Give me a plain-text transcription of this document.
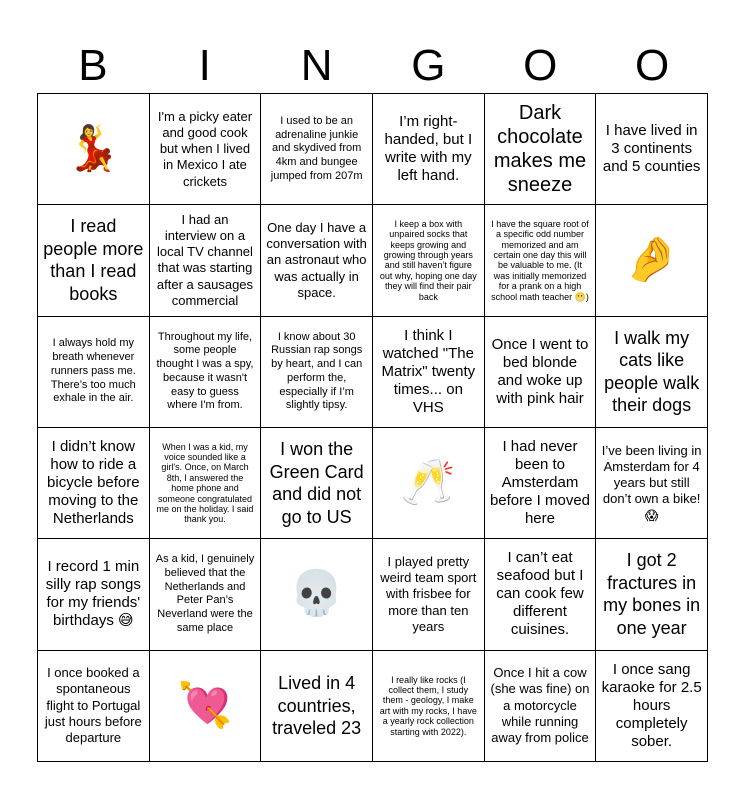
B	I	N	G	O	O
💃
I'm a picky eater and good cook but when I lived in Mexico I ate crickets
I used to be an adrenaline junkie and skydived from 4km and bungee jumped from 207m
I’m right-handed, but I write with my left hand.
Dark chocolate makes me sneeze
I have lived in 3 continents and 5 counties
I read people more than I read books
I had an interview on a local TV channel that was starting after a sausages commercial
One day I have a conversation with an astronaut who was actually in space.
I keep a box with unpaired socks that keeps growing and growing through years and still haven’t figure out why, hoping one day they will find their pair back
I have the square root of a specific odd number memorized and am certain one day this will be valuable to me. (It was initially memorized for a prank on a high school math teacher 😬)
🤌
I always hold my breath whenever runners pass me. There’s too much exhale in the air.
Throughout my life, some people thought I was a spy, because it wasn't easy to guess where I'm from.
I know about 30 Russian rap songs by heart, and I can perform the, especially if I’m slightly tipsy.
I think I watched "The Matrix" twenty times... on VHS
Once I went to bed blonde and woke up with pink hair
I walk my cats like people walk their dogs
I didn’t know how to ride a bicycle before moving to the Netherlands
When I was a kid, my voice sounded like a girl's. Once, on March 8th, I answered the home phone and someone congratulated me on the holiday. I said thank you.
I won the Green Card and did not go to US
🥂
I had never been to Amsterdam before I moved here
I’ve been living in Amsterdam for 4 years but still don’t own a bike! 😱
I record 1 min silly rap songs for my friends' birthdays 😅
As a kid, I genuinely believed that the Netherlands and Peter Pan’s Neverland were the same place
💀
I played pretty weird team sport with frisbee for more than ten years
I can’t eat seafood but I can cook few different cuisines.
I got 2 fractures in my bones in one year
I once booked a spontaneous flight to Portugal just hours before departure
💘	Lived in 4 countries, traveled 23
I really like rocks (I collect them, I study them - geology, I make art with my rocks, I have a yearly rock collection starting with 2022).
Once I hit a cow (she was fine) on a motorcycle while running away from police
I once sang karaoke for 2.5 hours completely sober.
